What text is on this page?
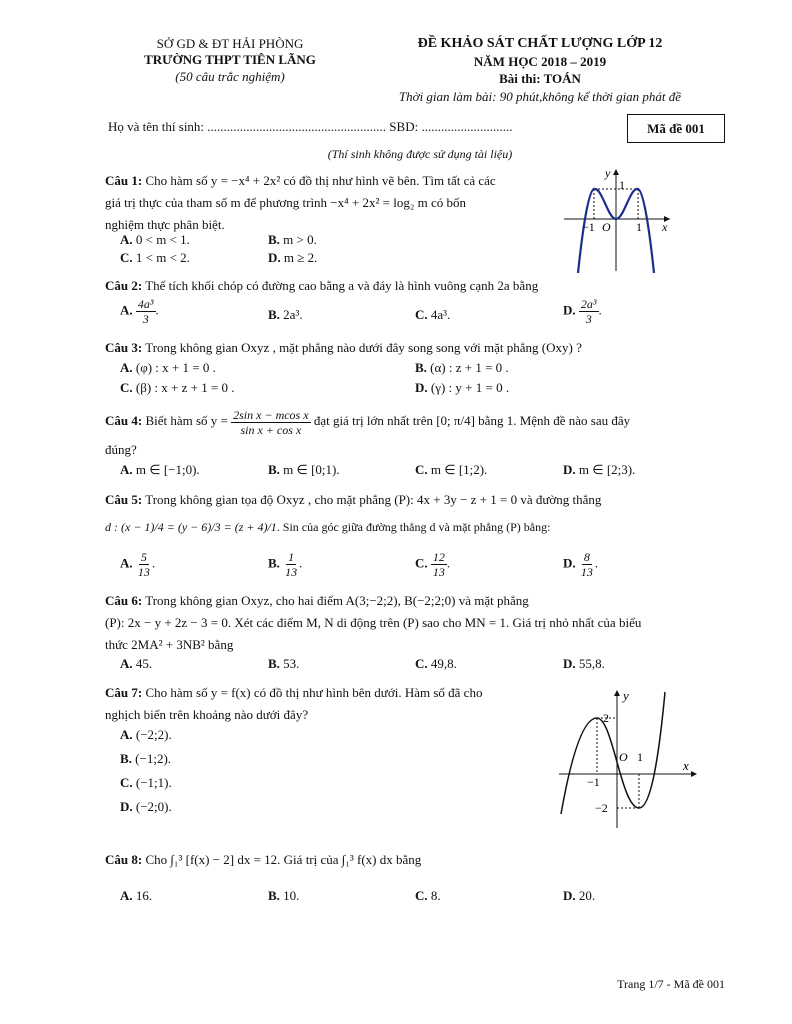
SỞ GD & ĐT HẢI PHÒNG
TRƯỜNG THPT TIÊN LÃNG
(50 câu trắc nghiệm)
ĐỀ KHẢO SÁT CHẤT LƯỢNG LỚP 12
NĂM HỌC 2018 – 2019
Bài thi: TOÁN
Thời gian làm bài: 90 phút,không kể thời gian phát đề
Họ và tên thí sinh: ....................................................... SBD: ............................	Mã đề 001
(Thí sinh không được sử dụng tài liệu)
Câu 1: Cho hàm số y = −x⁴ + 2x² có đồ thị như hình vẽ bên. Tìm tất cả các
giá trị thực của tham số m để phương trình −x⁴ + 2x² = log₂ m có bốn
nghiệm thực phân biệt.
A. 0 < m < 1.	B. m > 0.
C. 1 < m < 2.	D. m ≥ 2.
y
1
−1 O 1 x
Câu 2: Thể tích khối chóp có đường cao bằng a và đáy là hình vuông cạnh 2a bằng
A. $\frac{\text{4a³}}{3}$ .	B. 2a³.	C. 4a³.	D. $\frac{\text{2a³}}{3}$ .
Câu 3: Trong không gian Oxyz , mặt phẳng nào dưới đây song song với mặt phẳng (Oxy) ?
A. (φ) : x + 1 = 0 .	B. (α) : z + 1 = 0 .
C. (β) : x + z + 1 = 0 .	D. (γ) : y + 1 = 0 .
Câu 4: Biết hàm số $y = \frac{\text{2sin x − mcos x}}{\text{sin x + cos x}}$ đạt giá trị lớn nhất trên [0; π/4] bằng 1. Mệnh đề nào sau đây
đúng?
A. m ∈ [−1;0).	B. m ∈ [0;1).	C. m ∈ [1;2).	D. m ∈ [2;3).
Câu 5: Trong không gian tọa độ Oxyz , cho mặt phẳng (P): 4x + 3y − z + 1 = 0 và đường thẳng
d : (x − 1)/4 = (y − 6)/3 = (z + 4)/1. Sin của góc giữa đường thẳng d và mặt phẳng (P) bằng:
A. $\frac{5}{13}$ .	B. $\frac{1}{13}$ .	C. $\frac{12}{13}$ .	D. $\frac{8}{13}$ .
Câu 6: Trong không gian Oxyz, cho hai điểm A(3;−2;2), B(−2;2;0) và mặt phẳng
(P): 2x − y + 2z − 3 = 0. Xét các điểm M, N di động trên (P) sao cho MN = 1. Giá trị nhỏ nhất của biểu
thức 2MA² + 3NB² bằng
A. 45.	B. 53.	C. 49,8.	D. 55,8.
Câu 7: Cho hàm số y = f(x) có đồ thị như hình bên dưới. Hàm số đã cho
nghịch biến trên khoảng nào dưới đây?
A. (−2;2).
B. (−1;2).
C. (−1;1).
D. (−2;0).
y
2
−1
O 1
−2
x
Câu 8: Cho ∫₁³ [f(x) − 2] dx = 12. Giá trị của ∫₁³ f(x) dx bằng
A. 16.	B. 10.	C. 8.	D. 20.
Trang 1/7 - Mã đề 001
